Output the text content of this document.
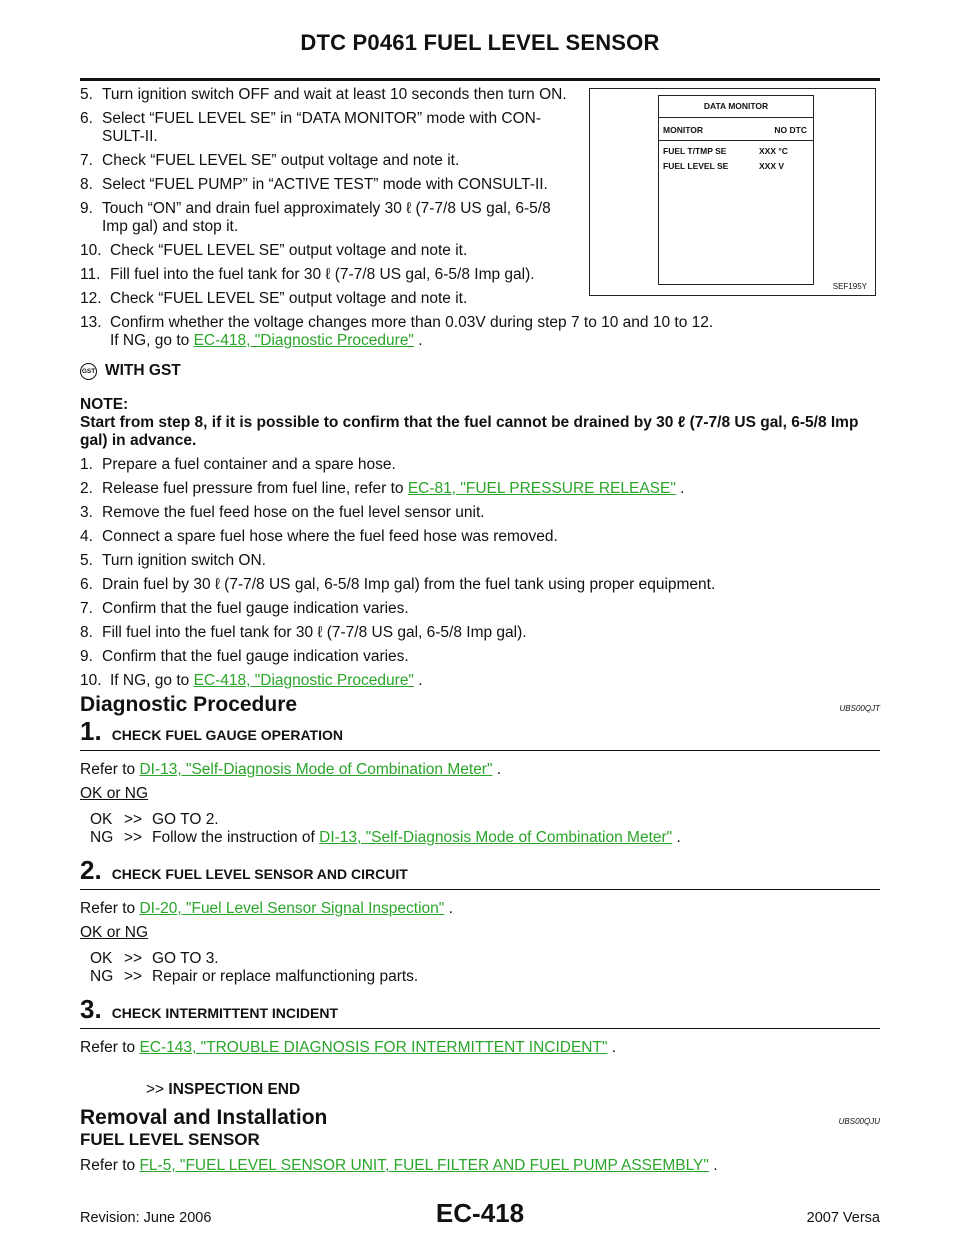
DTC P0461 FUEL LEVEL SENSOR
DATA MONITOR
MONITOR	NO DTC
FUEL T/TMP SE	XXX °C
FUEL LEVEL SE	XXX V
SEF195Y
5. Turn ignition switch OFF and wait at least 10 seconds then turn ON.
6. Select “FUEL LEVEL SE” in “DATA MONITOR” mode with CON-SULT-II.
7. Check “FUEL LEVEL SE” output voltage and note it.
8. Select “FUEL PUMP” in “ACTIVE TEST” mode with CONSULT-II.
9. Touch “ON” and drain fuel approximately 30 ℓ (7-7/8 US gal, 6-5/8 Imp gal) and stop it.
10. Check “FUEL LEVEL SE” output voltage and note it.
11. Fill fuel into the fuel tank for 30 ℓ (7-7/8 US gal, 6-5/8 Imp gal).
12. Check “FUEL LEVEL SE” output voltage and note it.
13. Confirm whether the voltage changes more than 0.03V during step 7 to 10 and 10 to 12.
If NG, go to EC-418, "Diagnostic Procedure" .
GST WITH GST
NOTE:
Start from step 8, if it is possible to confirm that the fuel cannot be drained by 30 ℓ (7-7/8 US gal, 6-5/8 Imp gal) in advance.
1. Prepare a fuel container and a spare hose.
2. Release fuel pressure from fuel line, refer to EC-81, "FUEL PRESSURE RELEASE" .
3. Remove the fuel feed hose on the fuel level sensor unit.
4. Connect a spare fuel hose where the fuel feed hose was removed.
5. Turn ignition switch ON.
6. Drain fuel by 30 ℓ (7-7/8 US gal, 6-5/8 Imp gal) from the fuel tank using proper equipment.
7. Confirm that the fuel gauge indication varies.
8. Fill fuel into the fuel tank for 30 ℓ (7-7/8 US gal, 6-5/8 Imp gal).
9. Confirm that the fuel gauge indication varies.
10. If NG, go to EC-418, "Diagnostic Procedure" .
Diagnostic Procedure	UBS00QJT
1. CHECK FUEL GAUGE OPERATION
Refer to DI-13, "Self-Diagnosis Mode of Combination Meter" .
OK or NG
OK >> GO TO 2.
NG >> Follow the instruction of
DI-13, "Self-Diagnosis Mode of Combination Meter"
.
2. CHECK FUEL LEVEL SENSOR AND CIRCUIT
Refer to DI-20, "Fuel Level Sensor Signal Inspection" .
OK or NG
OK >> GO TO 3.
NG >> Repair or replace malfunctioning parts.
3. CHECK INTERMITTENT INCIDENT
Refer to EC-143, "TROUBLE DIAGNOSIS FOR INTERMITTENT INCIDENT" .
>> INSPECTION END
Removal and Installation	UBS00QJU
FUEL LEVEL SENSOR
Refer to FL-5, "FUEL LEVEL SENSOR UNIT, FUEL FILTER AND FUEL PUMP ASSEMBLY" .
Revision: June 2006	EC-418	2007 Versa
